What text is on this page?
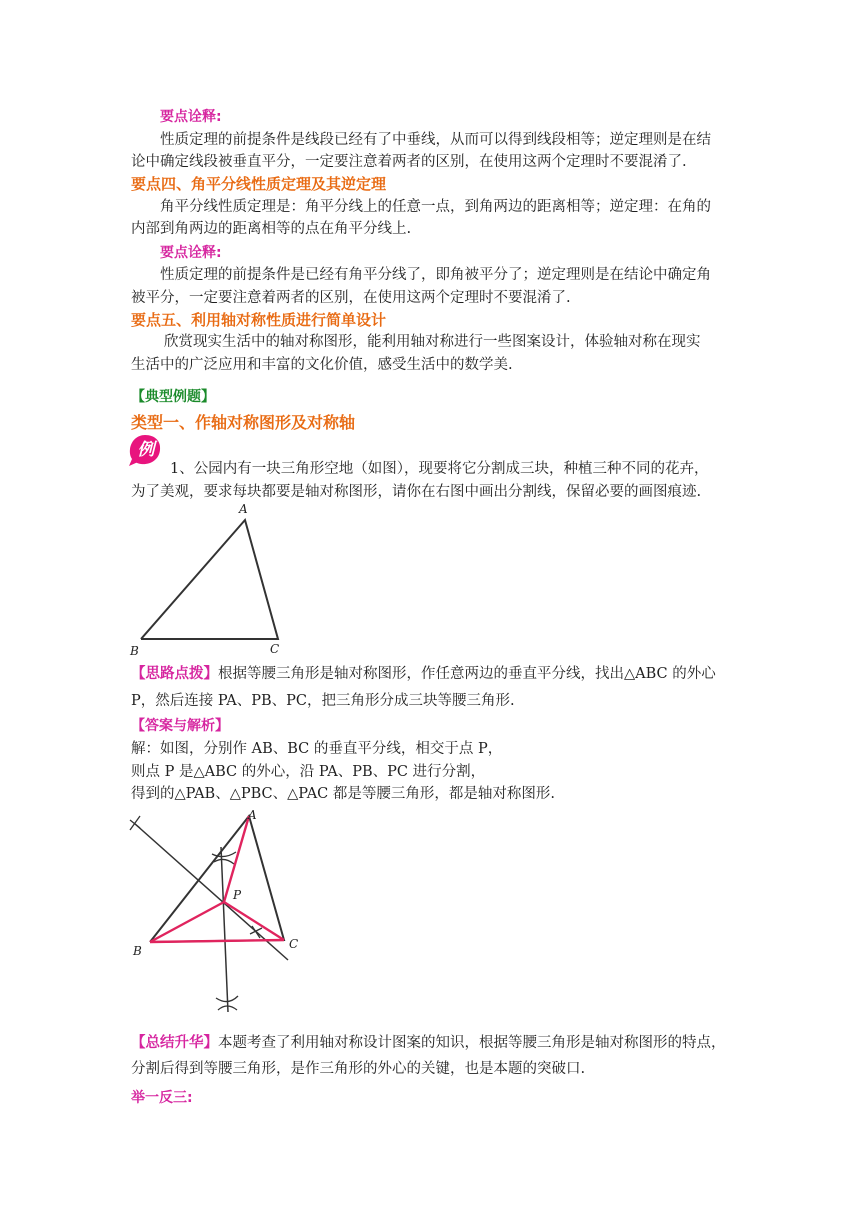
要点诠释:
性质定理的前提条件是线段已经有了中垂线，从而可以得到线段相等；逆定理则是在结
论中确定线段被垂直平分，一定要注意着两者的区别，在使用这两个定理时不要混淆了.
要点四、角平分线性质定理及其逆定理
角平分线性质定理是：角平分线上的任意一点，到角两边的距离相等；逆定理：在角的
内部到角两边的距离相等的点在角平分线上.
要点诠释:
性质定理的前提条件是已经有角平分线了，即角被平分了；逆定理则是在结论中确定角
被平分，一定要注意着两者的区别，在使用这两个定理时不要混淆了.
要点五、利用轴对称性质进行简单设计
欣赏现实生活中的轴对称图形，能利用轴对称进行一些图案设计，体验轴对称在现实
生活中的广泛应用和丰富的文化价值，感受生活中的数学美.
【典型例题】
类型一、作轴对称图形及对称轴
例
1、公园内有一块三角形空地（如图），现要将它分割成三块，种植三种不同的花卉，
为了美观，要求每块都要是轴对称图形，请你在右图中画出分割线，保留必要的画图痕迹.
A
B	C
【思路点拨】根据等腰三角形是轴对称图形，作任意两边的垂直平分线，找出△ABC 的外心
P，然后连接 PA、PB、PC，把三角形分成三块等腰三角形.
【答案与解析】
解：如图，分别作 AB、BC 的垂直平分线，相交于点 P，
则点 P 是△ABC 的外心，沿 PA、PB、PC 进行分割，
得到的△PAB、△PBC、△PAC 都是等腰三角形，都是轴对称图形.
A
B	C
P
【总结升华】本题考查了利用轴对称设计图案的知识，根据等腰三角形是轴对称图形的特点，
分割后得到等腰三角形，是作三角形的外心的关键，也是本题的突破口.
举一反三:
